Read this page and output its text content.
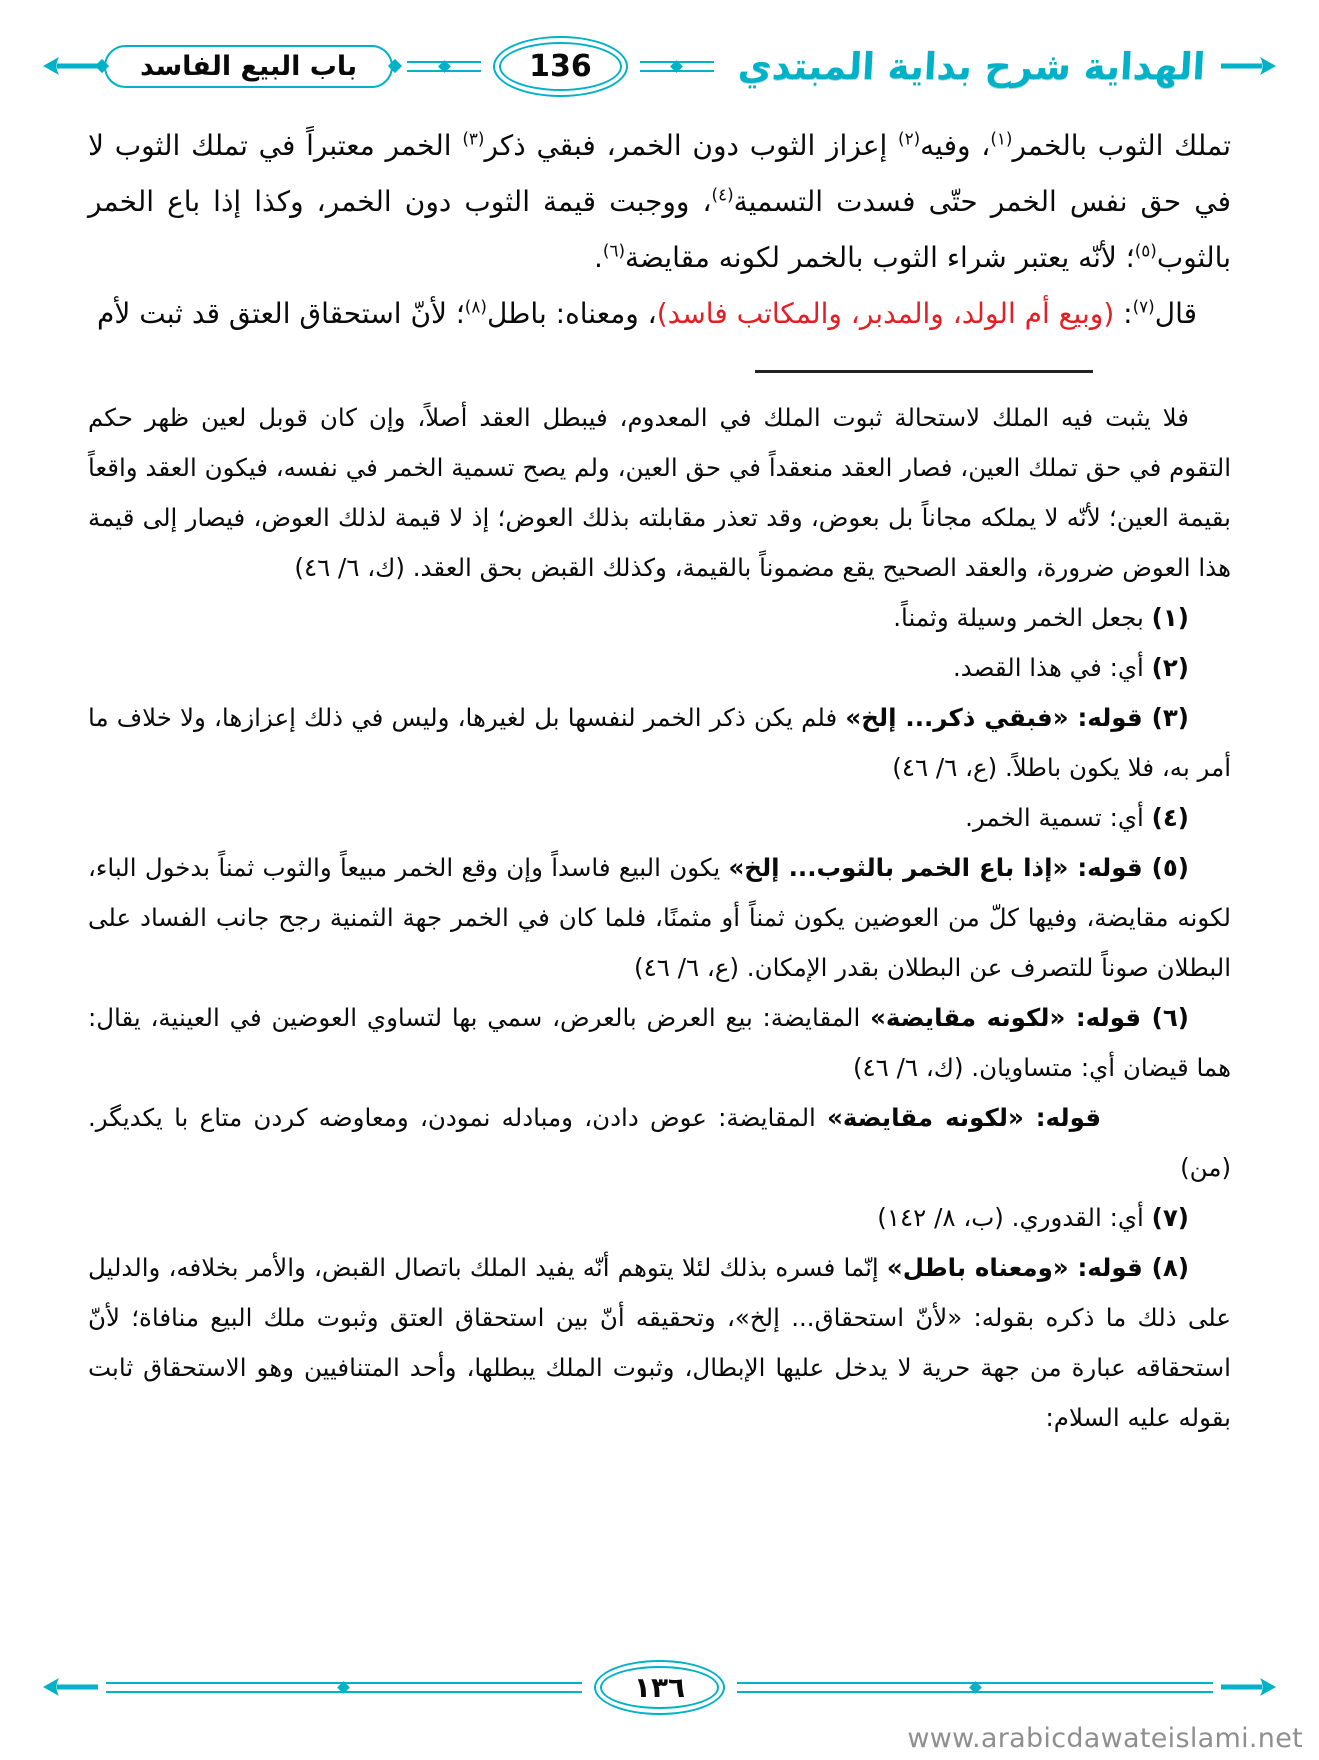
باب البيع الفاسد	136	الهداية شرح بداية المبتدي

تملك الثوب بالخمر$^{(١)}$، وفيه$^{(٢)}$ إعزاز الثوب دون الخمر، فبقي ذكر$^{(٣)}$ الخمر معتبراً في تملك الثوب لا في حق نفس الخمر حتّى فسدت التسمية$^{(٤)}$، ووجبت قيمة الثوب دون الخمر، وكذا إذا باع الخمر بالثوب$^{(٥)}$؛ لأنّه يعتبر شراء الثوب بالخمر لكونه مقايضة$^{(٦)}$.

قال$^{(٧)}$: (وبيع أم الولد، والمدبر، والمكاتب فاسد)، ومعناه: باطل$^{(٨)}$؛ لأنّ استحقاق العتق قد ثبت لأم

فلا يثبت فيه الملك لاستحالة ثبوت الملك في المعدوم، فيبطل العقد أصلاً، وإن كان قوبل لعين ظهر حكم التقوم في حق تملك العين، فصار العقد منعقداً في حق العين، ولم يصح تسمية الخمر في نفسه، فيكون العقد واقعاً بقيمة العين؛ لأنّه لا يملكه مجاناً بل بعوض، وقد تعذر مقابلته بذلك العوض؛ إذ لا قيمة لذلك العوض، فيصار إلى قيمة هذا العوض ضرورة، والعقد الصحيح يقع مضموناً بالقيمة، وكذلك القبض بحق العقد. (ك، ٦/ ٤٦)

(١) بجعل الخمر وسيلة وثمناً.

(٢) أي: في هذا القصد.

(٣) قوله: «فبقي ذكر... إلخ» فلم يكن ذكر الخمر لنفسها بل لغيرها، وليس في ذلك إعزازها، ولا خلاف ما أمر به، فلا يكون باطلاً. (ع، ٦/ ٤٦)

(٤) أي: تسمية الخمر.

(٥) قوله: «إذا باع الخمر بالثوب... إلخ» يكون البيع فاسداً وإن وقع الخمر مبيعاً والثوب ثمناً بدخول الباء، لكونه مقايضة، وفيها كلّ من العوضين يكون ثمناً أو مثمنًا، فلما كان في الخمر جهة الثمنية رجح جانب الفساد على البطلان صوناً للتصرف عن البطلان بقدر الإمكان. (ع، ٦/ ٤٦)

(٦) قوله: «لكونه مقايضة» المقايضة: بيع العرض بالعرض، سمي بها لتساوي العوضين في العينية، يقال: هما قيضان أي: متساويان. (ك، ٦/ ٤٦)

قوله: «لكونه مقايضة» المقايضة: عوض دادن، ومبادله نمودن، ومعاوضه كردن متاع با يكديگر. (من)

(٧) أي: القدوري. (ب، ٨/ ١٤٢)

(٨) قوله: «ومعناه باطل» إنّما فسره بذلك لئلا يتوهم أنّه يفيد الملك باتصال القبض، والأمر بخلافه، والدليل على ذلك ما ذكره بقوله: «لأنّ استحقاق... إلخ»، وتحقيقه أنّ بين استحقاق العتق وثبوت ملك البيع منافاة؛ لأنّ استحقاقه عبارة من جهة حرية لا يدخل عليها الإبطال، وثبوت الملك يبطلها، وأحد المتنافيين وهو الاستحقاق ثابت بقوله عليه السلام:

١٣٦
www.arabicdawateislami.net
